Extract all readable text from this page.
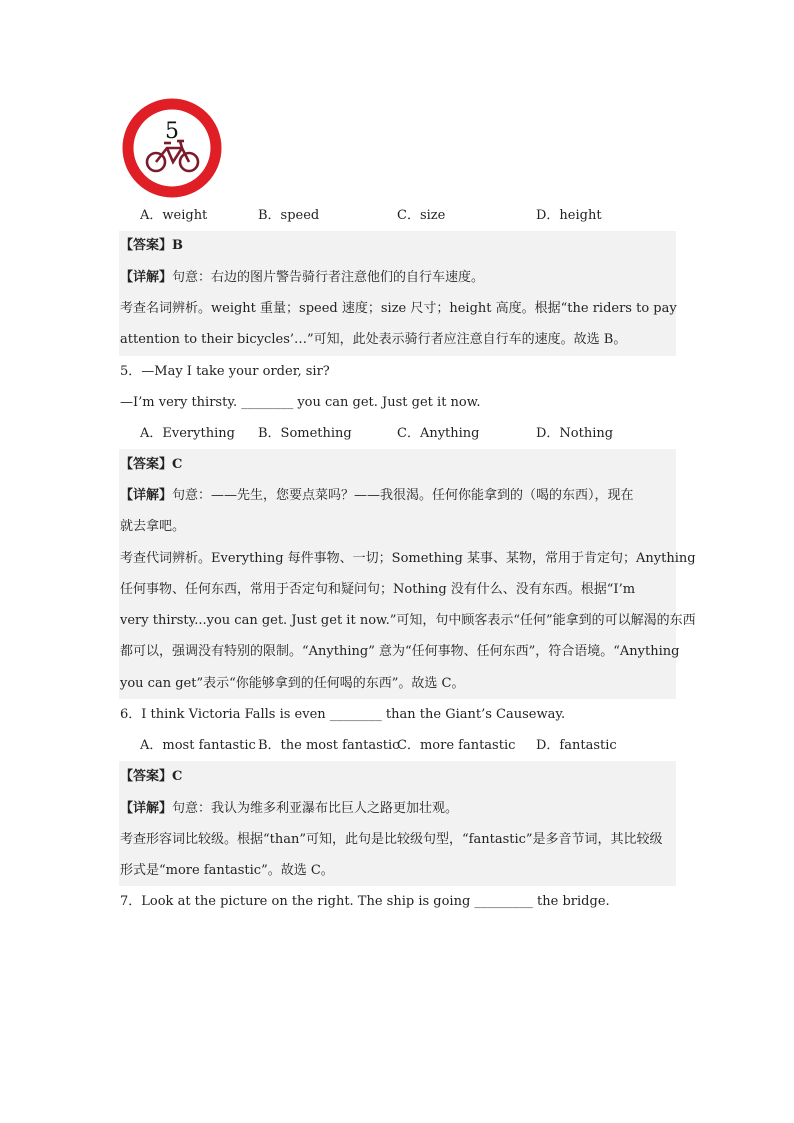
5
A．weight	B．speed	C．size	D．height
【答案】B
【详解】句意：右边的图片警告骑行者注意他们的自行车速度。
考查名词辨析。weight 重量；speed 速度；size 尺寸；height 高度。根据“the riders to pay
attention to their bicycles’…”可知，此处表示骑行者应注意自行车的速度。故选 B。
5．—May I take your order, sir?
—I’m very thirsty. ________ you can get. Just get it now.
A．Everything B．Something	C．Anything	D．Nothing
【答案】C
【详解】句意：——先生，您要点菜吗？——我很渴。任何你能拿到的（喝的东西），现在
就去拿吧。
考查代词辨析。Everything 每件事物、一切；Something 某事、某物，常用于肯定句；Anything
任何事物、任何东西，常用于否定句和疑问句；Nothing 没有什么、没有东西。根据“I’m
very thirsty...you can get. Just get it now.”可知，句中顾客表示“任何”能拿到的可以解渴的东西
都可以，强调没有特别的限制。“Anything” 意为“任何事物、任何东西”，符合语境。“Anything
you can get”表示“你能够拿到的任何喝的东西”。故选 C。
6．I think Victoria Falls is even ________ than the Giant’s Causeway.
A．most fantastic B．the most fantastic
C．more fantastic D．fantastic
【答案】C
【详解】句意：我认为维多利亚瀑布比巨人之路更加壮观。
考查形容词比较级。根据“than”可知，此句是比较级句型，“fantastic”是多音节词，其比较级
形式是“more fantastic”。故选 C。
7．Look at the picture on the right. The ship is going _________ the bridge.
